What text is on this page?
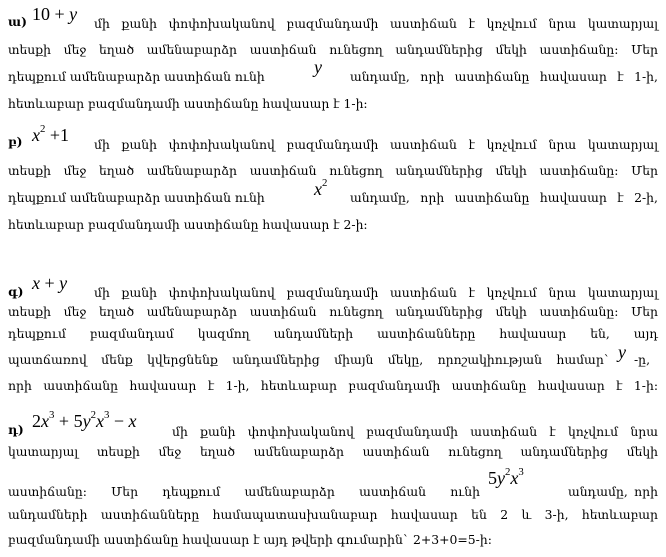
ա) 10 + y մի քանի փոփոխականով բազմանդամի աստիճան է կոչվում նրա կատարյալ
տեսքի մեջ եղած ամենաբարձր աստիճան ունեցող անդամներից մեկի աստիճանը: Մեր
դեպքում ամենաբարձր աստիճան ունի	y անդամը, որի աստիճանը հավասար է 1-ի,
հետևաբար բազմանդամի աստիճանը հավասար է 1-ի:
բ) $x^2 +1$ մի քանի փոփոխականով բազմանդամի աստիճան է կոչվում նրա կատարյալ
տեսքի մեջ եղած ամենաբարձր աստիճան ունեցող անդամներից մեկի աստիճանը: Մեր
դեպքում ամենաբարձր աստիճան ունի	$x^2$
անդամը, որի աստիճանը հավասար է 2-ի,
հետևաբար բազմանդամի աստիճանը հավասար է 2-ի:
գ) x + y մի քանի փոփոխականով բազմանդամի աստիճան է կոչվում նրա կատարյալ
տեսքի մեջ եղած ամենաբարձր աստիճան ունեցող անդամներից մեկի աստիճանը: Մեր
դեպքում բազմանդամ կազմող անդամների աստիճանները հավասար են, այդ
պատճառով մենք կվերցնենք անդամներից միայն մեկը, որոշակիության համար` y -ը,
որի աստիճանը հավասար է 1-ի, հետևաբար բազմանդամի աստիճանը հավասար է 1-ի:
դ) $2x^3 + 5y^2x^3 - x$
մի քանի փոփոխականով բազմանդամի աստիճան է կոչվում նրա
կատարյալ տեսքի մեջ եղած ամենաբարձր աստիճան ունեցող անդամներից մեկի
աստիճանը: Մեր դեպքում ամենաբարձր աստիճան ունի
$5y^2x^3$
անդամը, որի
անդամների աստիճանները համապատասխանաբար հավասար են 2 և 3-ի, հետևաբար
բազմանդամի աստիճանը հավասար է այդ թվերի գումարին` 2+3+0=5-ի:
